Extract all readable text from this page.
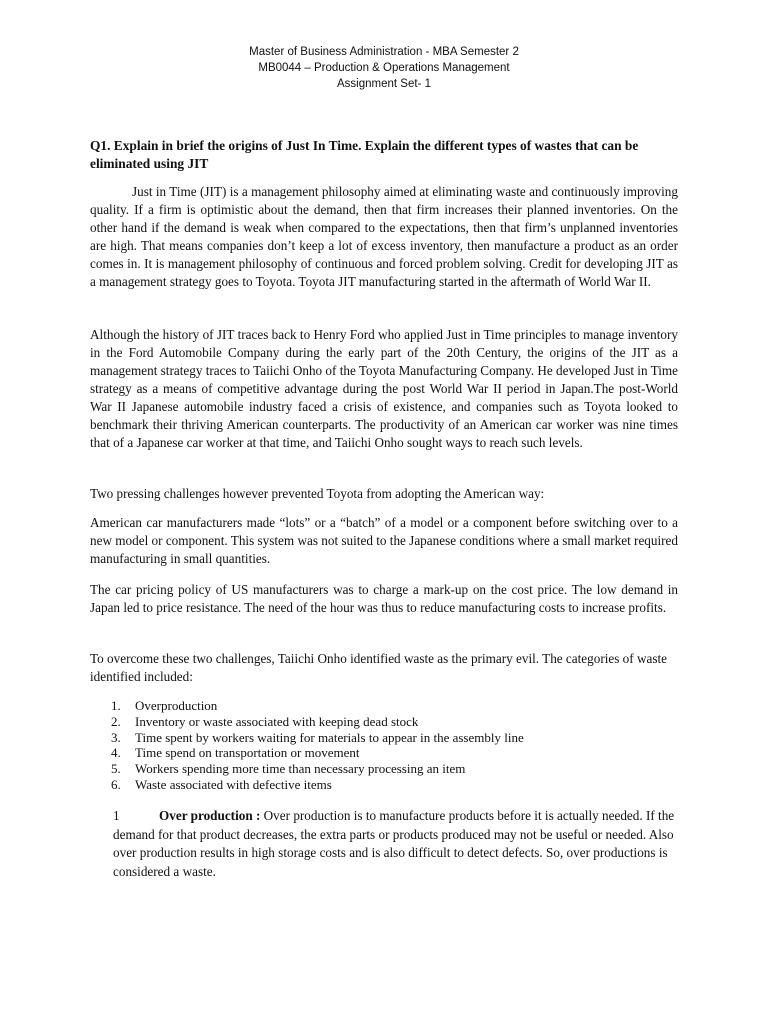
Master of Business Administration - MBA Semester 2
MB0044 – Production & Operations Management
Assignment Set- 1
Q1. Explain in brief the origins of Just In Time. Explain the different types of wastes that can be eliminated using JIT

Just in Time (JIT) is a management philosophy aimed at eliminating waste and continuously improving quality. If a firm is optimistic about the demand, then that firm increases their planned inventories. On the other hand if the demand is weak when compared to the expectations, then that firm’s unplanned inventories are high. That means companies don’t keep a lot of excess inventory, then manufacture a product as an order comes in. It is management philosophy of continuous and forced problem solving. Credit for developing JIT as a management strategy goes to Toyota. Toyota JIT manufacturing started in the aftermath of World War II.

Although the history of JIT traces back to Henry Ford who applied Just in Time principles to manage inventory in the Ford Automobile Company during the early part of the 20th Century, the origins of the JIT as a management strategy traces to Taiichi Onho of the Toyota Manufacturing Company. He developed Just in Time strategy as a means of competitive advantage during the post World War II period in Japan.The post-World War II Japanese automobile industry faced a crisis of existence, and companies such as Toyota looked to benchmark their thriving American counterparts. The productivity of an American car worker was nine times that of a Japanese car worker at that time, and Taiichi Onho sought ways to reach such levels.

Two pressing challenges however prevented Toyota from adopting the American way:

American car manufacturers made “lots” or a “batch” of a model or a component before switching over to a new model or component. This system was not suited to the Japanese conditions where a small market required manufacturing in small quantities.

The car pricing policy of US manufacturers was to charge a mark-up on the cost price. The low demand in Japan led to price resistance. The need of the hour was thus to reduce manufacturing costs to increase profits.

To overcome these two challenges, Taiichi Onho identified waste as the primary evil. The categories of waste identified included:

1.	Overproduction
2.	Inventory or waste associated with keeping dead stock
3.	Time spent by workers waiting for materials to appear in the assembly line
4.	Time spend on transportation or movement
5.	Workers spending more time than necessary processing an item
6.	Waste associated with defective items

1	Over production : Over production is to manufacture products before it is actually needed. If the demand for that product decreases, the extra parts or products produced may not be useful or needed. Also over production results in high storage costs and is also difficult to detect defects. So, over productions is considered a waste.
